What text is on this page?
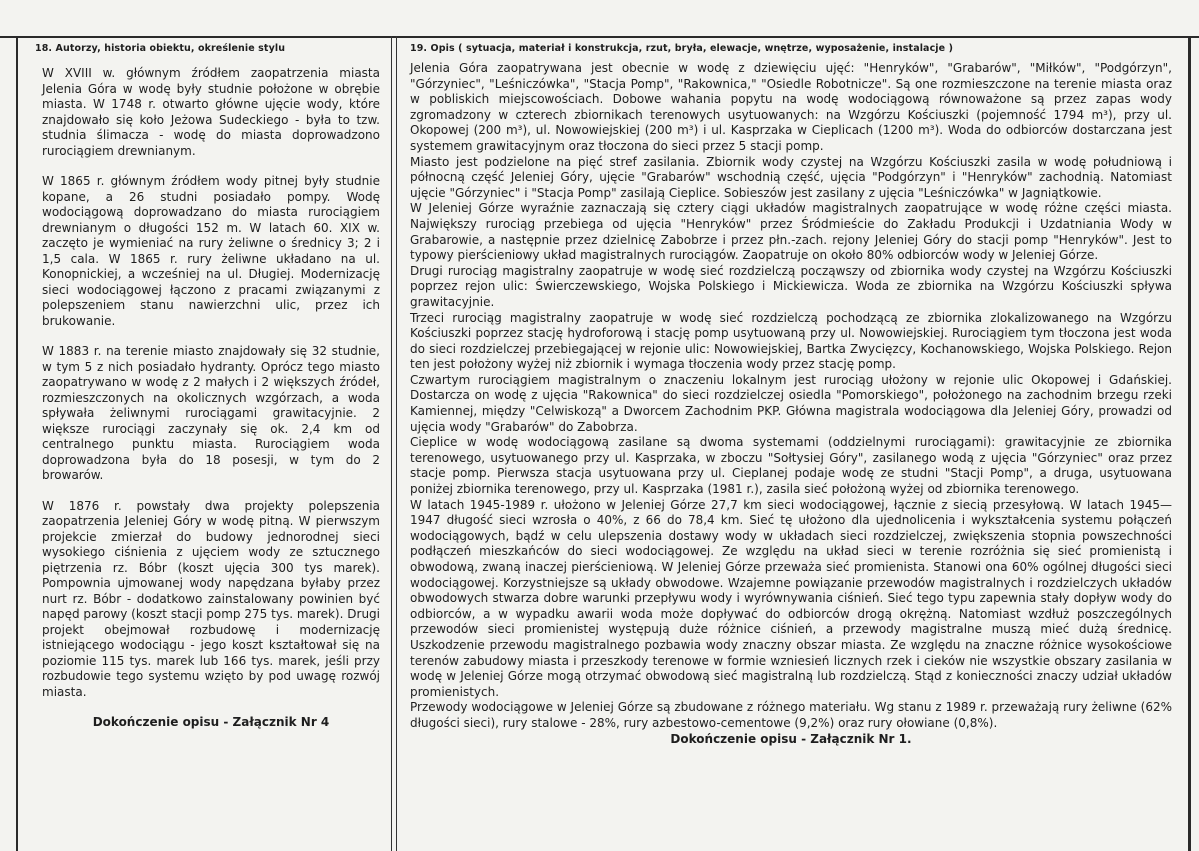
18. Autorzy, historia obiektu, określenie stylu	19. Opis ( sytuacja, materiał i konstrukcja, rzut, bryła, elewacje, wnętrze, wyposażenie, instalacje )

W XVIII w. głównym źródłem zaopatrzenia miasta Jelenia Góra w wodę były studnie położone w obrębie miasta. W 1748 r. otwarto główne ujęcie wody, które znajdowało się koło Jeżowa Sudeckiego - była to tzw. studnia ślimacza - wodę do miasta doprowadzono rurociągiem drewnianym.

W 1865 r. głównym źródłem wody pitnej były studnie kopane, a 26 studni posiadało pompy. Wodę wodociągową doprowadzano do miasta rurociągiem drewnianym o długości 152 m. W latach 60. XIX w. zaczęto je wymieniać na rury żeliwne o średnicy 3; 2 i 1,5 cala. W 1865 r. rury żeliwne układano na ul. Konopnickiej, a wcześniej na ul. Długiej. Modernizację sieci wodociągowej łączono z pracami związanymi z polepszeniem stanu nawierzchni ulic, przez ich brukowanie.

W 1883 r. na terenie miasto znajdowały się 32 studnie, w tym 5 z nich posiadało hydranty. Oprócz tego miasto zaopatrywano w wodę z 2 małych i 2 większych źródeł, rozmieszczonych na okolicznych wzgórzach, a woda spływała żeliwnymi rurociągami grawitacyjnie. 2 większe rurociągi zaczynały się ok. 2,4 km od centralnego punktu miasta. Rurociągiem woda doprowadzona była do 18 posesji, w tym do 2 browarów.

W 1876 r. powstały dwa projekty polepszenia zaopatrzenia Jeleniej Góry w wodę pitną. W pierwszym projekcie zmierzał do budowy jednorodnej sieci wysokiego ciśnienia z ujęciem wody ze sztucznego piętrzenia rz. Bóbr (koszt ujęcia 300 tys marek). Pompownia ujmowanej wody napędzana byłaby przez nurt rz. Bóbr - dodatkowo zainstalowany powinien być napęd parowy (koszt stacji pomp 275 tys. marek). Drugi projekt obejmował rozbudowę i modernizację istniejącego wodociągu - jego koszt kształtował się na poziomie 115 tys. marek lub 166 tys. marek, jeśli przy rozbudowie tego systemu wzięto by pod uwagę rozwój miasta.

Dokończenie opisu - Załącznik Nr 4

Jelenia Góra zaopatrywana jest obecnie w wodę z dziewięciu ujęć: "Henryków", "Grabarów", "Miłków", "Podgórzyn", "Górzyniec", "Leśniczówka", "Stacja Pomp", "Rakownica," "Osiedle Robotnicze". Są one rozmieszczone na terenie miasta oraz w pobliskich miejscowościach. Dobowe wahania popytu na wodę wodociągową równoważone są przez zapas wody zgromadzony w czterech zbiornikach terenowych usytuowanych: na Wzgórzu Kościuszki (pojemność 1794 m³), przy ul. Okopowej (200 m³), ul. Nowowiejskiej (200 m³) i ul. Kasprzaka w Cieplicach (1200 m³). Woda do odbiorców dostarczana jest systemem grawitacyjnym oraz tłoczona do sieci przez 5 stacji pomp.

Miasto jest podzielone na pięć stref zasilania. Zbiornik wody czystej na Wzgórzu Kościuszki zasila w wodę południową i północną część Jeleniej Góry, ujęcie "Grabarów" wschodnią część, ujęcia "Podgórzyn" i "Henryków" zachodnią. Natomiast ujęcie "Górzyniec" i "Stacja Pomp" zasilają Cieplice. Sobieszów jest zasilany z ujęcia "Leśniczówka" w Jagniątkowie.

W Jeleniej Górze wyraźnie zaznaczają się cztery ciągi układów magistralnych zaopatrujące w wodę różne części miasta. Największy rurociąg przebiega od ujęcia "Henryków" przez Śródmieście do Zakładu Produkcji i Uzdatniania Wody w Grabarowie, a następnie przez dzielnicę Zabobrze i przez płn.-zach. rejony Jeleniej Góry do stacji pomp "Henryków". Jest to typowy pierścieniowy układ magistralnych rurociągów. Zaopatruje on około 80% odbiorców wody w Jeleniej Górze.

Drugi rurociąg magistralny zaopatruje w wodę sieć rozdzielczą począwszy od zbiornika wody czystej na Wzgórzu Kościuszki poprzez rejon ulic: Świerczewskiego, Wojska Polskiego i Mickiewicza. Woda ze zbiornika na Wzgórzu Kościuszki spływa grawitacyjnie.

Trzeci rurociąg magistralny zaopatruje w wodę sieć rozdzielczą pochodzącą ze zbiornika zlokalizowanego na Wzgórzu Kościuszki poprzez stację hydroforową i stację pomp usytuowaną przy ul. Nowowiejskiej. Rurociągiem tym tłoczona jest woda do sieci rozdzielczej przebiegającej w rejonie ulic: Nowowiejskiej, Bartka Zwycięzcy, Kochanowskiego, Wojska Polskiego. Rejon ten jest położony wyżej niż zbiornik i wymaga tłoczenia wody przez stację pomp.

Czwartym rurociągiem magistralnym o znaczeniu lokalnym jest rurociąg ułożony w rejonie ulic Okopowej i Gdańskiej. Dostarcza on wodę z ujęcia "Rakownica" do sieci rozdzielczej osiedla "Pomorskiego", położonego na zachodnim brzegu rzeki Kamiennej, między "Celwiskozą" a Dworcem Zachodnim PKP. Główna magistrala wodociągowa dla Jeleniej Góry, prowadzi od ujęcia wody "Grabarów" do Zabobrza.

Cieplice w wodę wodociągową zasilane są dwoma systemami (oddzielnymi rurociągami): grawitacyjnie ze zbiornika terenowego, usytuowanego przy ul. Kasprzaka, w zboczu "Sołtysiej Góry", zasilanego wodą z ujęcia "Górzyniec" oraz przez stacje pomp. Pierwsza stacja usytuowana przy ul. Cieplanej podaje wodę ze studni "Stacji Pomp", a druga, usytuowana poniżej zbiornika terenowego, przy ul. Kasprzaka (1981 r.), zasila sieć położoną wyżej od zbiornika terenowego.

W latach 1945-1989 r. ułożono w Jeleniej Górze 27,7 km sieci wodociągowej, łącznie z siecią przesyłową. W latach 1945—1947 długość sieci wzrosła o 40%, z 66 do 78,4 km. Sieć tę ułożono dla ujednolicenia i wykształcenia systemu połączeń wodociągowych, bądź w celu ulepszenia dostawy wody w układach sieci rozdzielczej, zwiększenia stopnia powszechności podłączeń mieszkańców do sieci wodociągowej. Ze względu na układ sieci w terenie rozróżnia się sieć promienistą i obwodową, zwaną inaczej pierścieniową. W Jeleniej Górze przeważa sieć promienista. Stanowi ona 60% ogólnej długości sieci wodociągowej. Korzystniejsze są układy obwodowe. Wzajemne powiązanie przewodów magistralnych i rozdzielczych układów obwodowych stwarza dobre warunki przepływu wody i wyrównywania ciśnień. Sieć tego typu zapewnia stały dopływ wody do odbiorców, a w wypadku awarii woda może dopływać do odbiorców drogą okrężną. Natomiast wzdłuż poszczególnych przewodów sieci promienistej występują duże różnice ciśnień, a przewody magistralne muszą mieć dużą średnicę. Uszkodzenie przewodu magistralnego pozbawia wody znaczny obszar miasta. Ze względu na znaczne różnice wysokościowe terenów zabudowy miasta i przeszkody terenowe w formie wzniesień licznych rzek i cieków nie wszystkie obszary zasilania w wodę w Jeleniej Górze mogą otrzymać obwodową sieć magistralną lub rozdzielczą. Stąd z konieczności znaczy udział układów promienistych.

Przewody wodociągowe w Jeleniej Górze są zbudowane z różnego materiału. Wg stanu z 1989 r. przeważają rury żeliwne (62% długości sieci), rury stalowe - 28%, rury azbestowo-cementowe (9,2%) oraz rury ołowiane (0,8%).

Dokończenie opisu - Załącznik Nr 1.
